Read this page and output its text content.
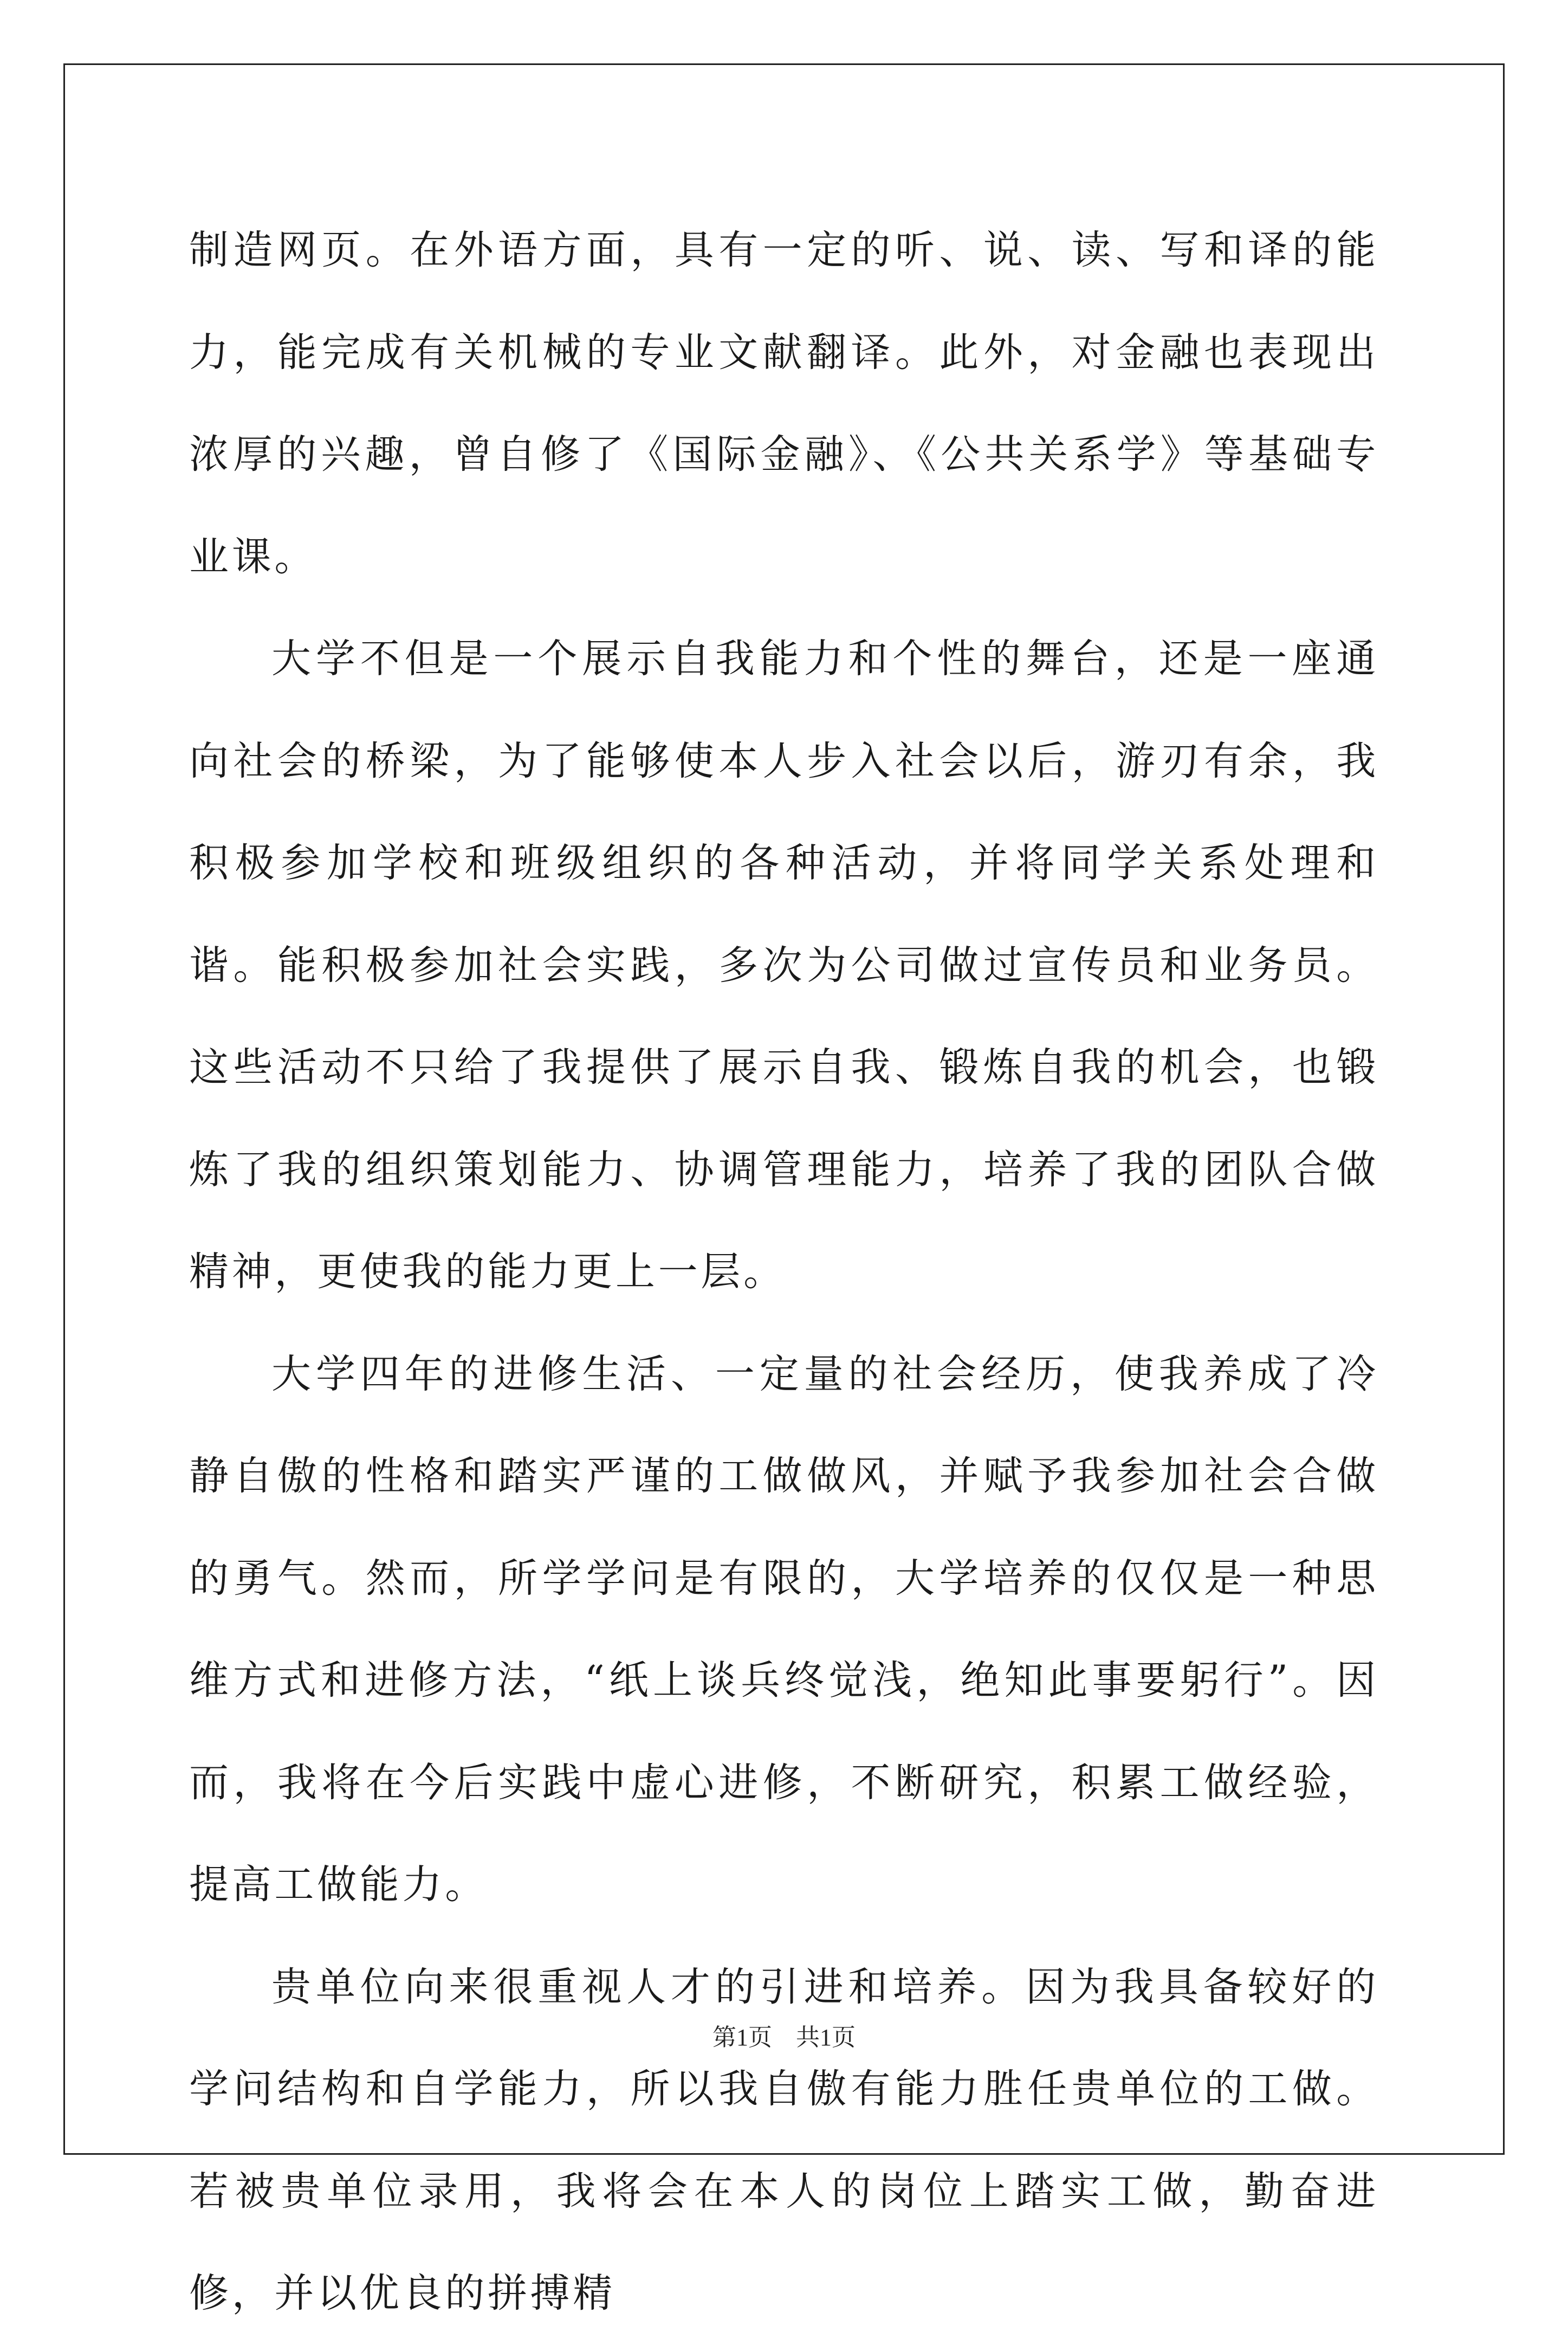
制造网页。在外语方面，具有一定的听、说、读、写和译的能力，能完成有关机械的专业文献翻译。此外，对金融也表现出浓厚的兴趣，曾自修了《国际金融》、《公共关系学》等基础专业课。

大学不但是一个展示自我能力和个性的舞台，还是一座通向社会的桥梁，为了能够使本人步入社会以后，游刃有余，我积极参加学校和班级组织的各种活动，并将同学关系处理和谐。能积极参加社会实践，多次为公司做过宣传员和业务员。这些活动不只给了我提供了展示自我、锻炼自我的机会，也锻炼了我的组织策划能力、协调管理能力，培养了我的团队合做精神，更使我的能力更上一层。

大学四年的进修生活、一定量的社会经历，使我养成了冷静自傲的性格和踏实严谨的工做做风，并赋予我参加社会合做的勇气。然而，所学学问是有限的，大学培养的仅仅是一种思维方式和进修方法，“纸上谈兵终觉浅，绝知此事要躬行”。因而，我将在今后实践中虚心进修，不断研究，积累工做经验，提高工做能力。

贵单位向来很重视人才的引进和培养。因为我具备较好的学问结构和自学能力，所以我自傲有能力胜任贵单位的工做。若被贵单位录用，我将会在本人的岗位上踏实工做，勤奋进修，并以优良的拼搏精

第1页　共1页
